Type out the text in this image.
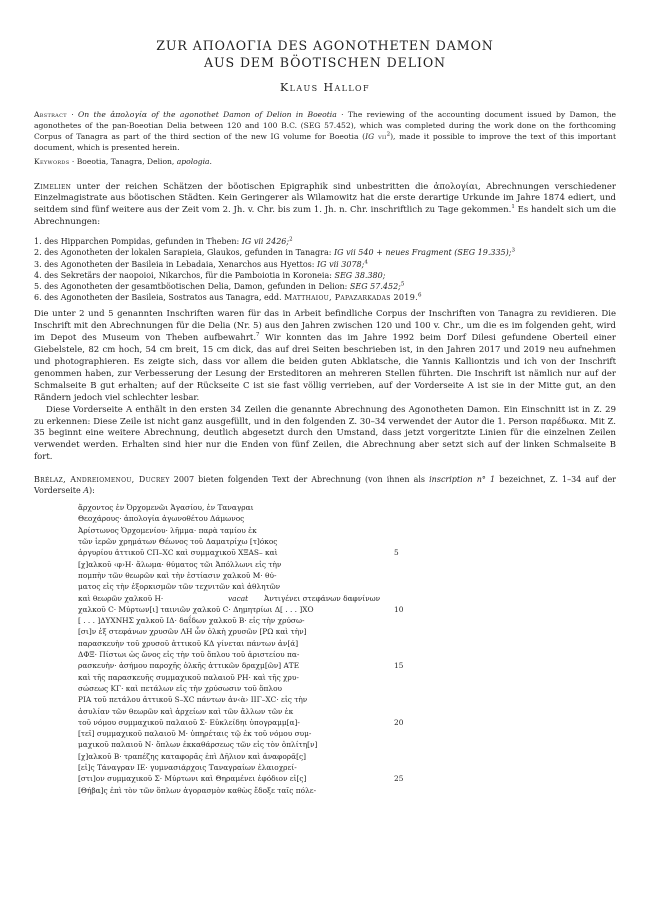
ZUR ΑΠΟΛΟΓΙΑ DES AGONOTHETEN DAMON
AUS DEM BÖOTISCHEN DELION
Klaus Hallof
Abstract · On the ἀπολογία of the agonothet Damon of Delion in Boeotia · The reviewing of the accounting document issued by Damon, the agonothetes of the pan-Boeotian Delia between 120 and 100 B.C. (SEG 57.452), which was completed during the work done on the forthcoming Corpus of Tanagra as part of the third section of the new IG volume for Boeotia (IG vii$^2$), made it possible to improve the text of this important document, which is presented herein.
Keywords · Boeotia, Tanagra, Delion, apologia.

Zimelien unter der reichen Schätzen der böotischen Epigraphik sind unbestritten die ἀπολογίαι, Abrechnungen verschiedener Einzelmagistrate aus böotischen Städten. Kein Geringerer als Wilamowitz hat die erste derartige Urkunde im Jahre 1874 ediert, und seitdem sind fünf weitere aus der Zeit vom 2. Jh. v. Chr. bis zum 1. Jh. n. Chr. inschriftlich zu Tage gekommen.$^1$ Es handelt sich um die Abrechnungen:

1. des Hipparchen Pompidas, gefunden in Theben: IG vii 2426;$^2$
2. des Agonotheten der lokalen Sarapieia, Glaukos, gefunden in Tanagra: IG vii 540 + neues Fragment (SEG 19.335);$^3$
3. des Agonotheten der Basileia in Lebadaia, Xenarchos aus Hyettos: IG vii 3078;$^4$
4. des Sekretärs der naopoioi, Nikarchos, für die Pamboiotia in Koroneia: SEG 38.380;
5. des Agonotheten der gesamtböotischen Delia, Damon, gefunden in Delion: SEG 57.452;$^5$
6. des Agonotheten der Basileia, Sostratos aus Tanagra, edd. Matthaiou, Papazarkadas 2019.$^6$

Die unter 2 und 5 genannten Inschriften waren für das in Arbeit befindliche Corpus der Inschriften von Tanagra zu revidieren. Die Inschrift mit den Abrechnungen für die Delia (Nr. 5) aus den Jahren zwischen 120 und 100 v. Chr., um die es im folgenden geht, wird im Depot des Museum von Theben aufbewahrt.$^7$ Wir konnten das im Jahre 1992 beim Dorf Dilesi gefundene Oberteil einer Giebelstele, 82 cm hoch, 54 cm breit, 15 cm dick, das auf drei Seiten beschrieben ist, in den Jahren 2017 und 2019 neu aufnehmen und photographieren. Es zeigte sich, dass vor allem die beiden guten Abklatsche, die Yannis Kalliontzis und ich von der Inschrift genommen haben, zur Verbesserung der Lesung der Ersteditoren an mehreren Stellen führten. Die Inschrift ist nämlich nur auf der Schmalseite B gut erhalten; auf der Rückseite C ist sie fast völlig verrieben, auf der Vorderseite A ist sie in der Mitte gut, an den Rändern jedoch viel schlechter lesbar.

Diese Vorderseite A enthält in den ersten 34 Zeilen die genannte Abrechnung des Agonotheten Damon. Ein Einschnitt ist in Z. 29 zu erkennen: Diese Zeile ist nicht ganz ausgefüllt, und in den folgenden Z. 30–34 verwendet der Autor die 1. Person παρέδωκα. Mit Z. 35 beginnt eine weitere Abrechnung, deutlich abgesetzt durch den Umstand, dass jetzt vorgeritzte Linien für die einzelnen Zeilen verwendet werden. Erhalten sind hier nur die Enden von fünf Zeilen, die Abrechnung aber setzt sich auf der linken Schmalseite B fort.

Brélaz, Andreiomenou, Ducrey 2007 bieten folgenden Text der Abrechnung (von ihnen als inscription n° 1 bezeichnet, Z. 1–34 auf der Vorderseite A):
ἄρχοντος ἐν Ὀρχομενῶι Ἀγασίου, ἐν Ταναγραι
Θεοχάρους· ἀπολογία ἀγωνοθέτου Δάμωνος
Ἀρίστωνος Ὀρχομενίου· λῆμμα· παρὰ ταμίου ἐκ
τῶν ἱερῶν χρημάτων Θέωνος τοῦ Δαματρίχω [τ]όκος
ἀργυρίου ἀττικοῦ CΠ–ΧC καὶ συμμαχικοῦ ΧΞΑS– καὶ	5
[χ]αλκοῦ ‹φ›Η· ἄλωμα· θύματος τῶι Ἀπόλλωνι εἰς τὴν
πομπὴν τῶν θεωρῶν καὶ τὴν ἑστίασιν χαλκοῦ Μ· θύ-
ματος εἰς τὴν ἐξορκισμῶν τῶν τεχνιτῶν καὶ ἀθλητῶν
καὶ θεωρῶν χαλκοῦ Η·	vacat Ἀντιγένει στεφάνων δαφνίνων
χαλκοῦ C· Μύρτων[ι] ταινιῶν χαλκοῦ C· Δημητρίωι Δ[ . . . ]ΧΟ	10
[ . . . ]ΔΥΧΝΗΣ χαλκοῦ ΙΔ· δαΐδων χαλκοῦ Β· εἰς τὴν χρύσω-
[σι]ν ἐξ στεφάνων χρυσῶν ΛΗ ὧν ὁλκὴ χρυσῶν [ΡΩ καὶ τὴν]
παρασκευὴν τοῦ χρυσοῦ ἀττικοῦ ΚΔ γίνεται πάντων ἀν[ά]
ΔΦΞ· Πίστωι ὡς ὤνος εἰς τὴν τοῦ ὅπλου τοῦ ἀριστείου πα-
ρασκευὴν· ἀσήμου παροχῆς ὁλκῆς ἀττικῶν δραχμ[ῶν] ΑΤΕ	15
καὶ τῆς παρασκευῆς συμμαχικοῦ παλαιοῦ ΡΗ· καὶ τῆς χρυ-
σώσεως ΚΓ· καὶ πετάλων εἰς τὴν χρύσωσιν τοῦ ὅπλου
ΡΙΑ τοῦ πετάλου ἀττικοῦ S–ΧC πάντων ἀν‹ὰ› ΙΙΓ–ΧC· εἰς τὴν
ἀσυλίαν τῶν θεωρῶν καὶ ἀρχείων καὶ τῶν ἄλλων τῶν ἐκ
τοῦ νόμου συμμαχικοῦ παλαιοῦ Σ· Εὐκλείδηι ὑπογραμμ[α]-	20
[τεῖ] συμμαχικοῦ παλαιοῦ Μ· ὑπηρέταις τῷ ἐκ τοῦ νόμου συμ-
μαχικοῦ παλαιοῦ Ν· ὅπλων ἐκκαθάρσεως τῶν εἰς τὸν ὁπλίτη[ν]
[χ]αλκοῦ Β· τραπέζης καταφορᾶς ἐπὶ Δῆλιον καὶ ἀναφορᾶ[ς]
[εἰ]ς Τάναγραν ΙΕ· γυμνασιάρχοις Ταναγραίων ἐλαιοχρεί-
[στι]ον συμμαχικοῦ Σ· Μύρτωνι καὶ Θηραμένει ἐφόδιον εἰ[ς]	25
[Θήβα]ς ἐπὶ τὸν τῶν ὅπλων ἀγορασμὸν καθὼς ἔδοξε ταῖς πόλε-
